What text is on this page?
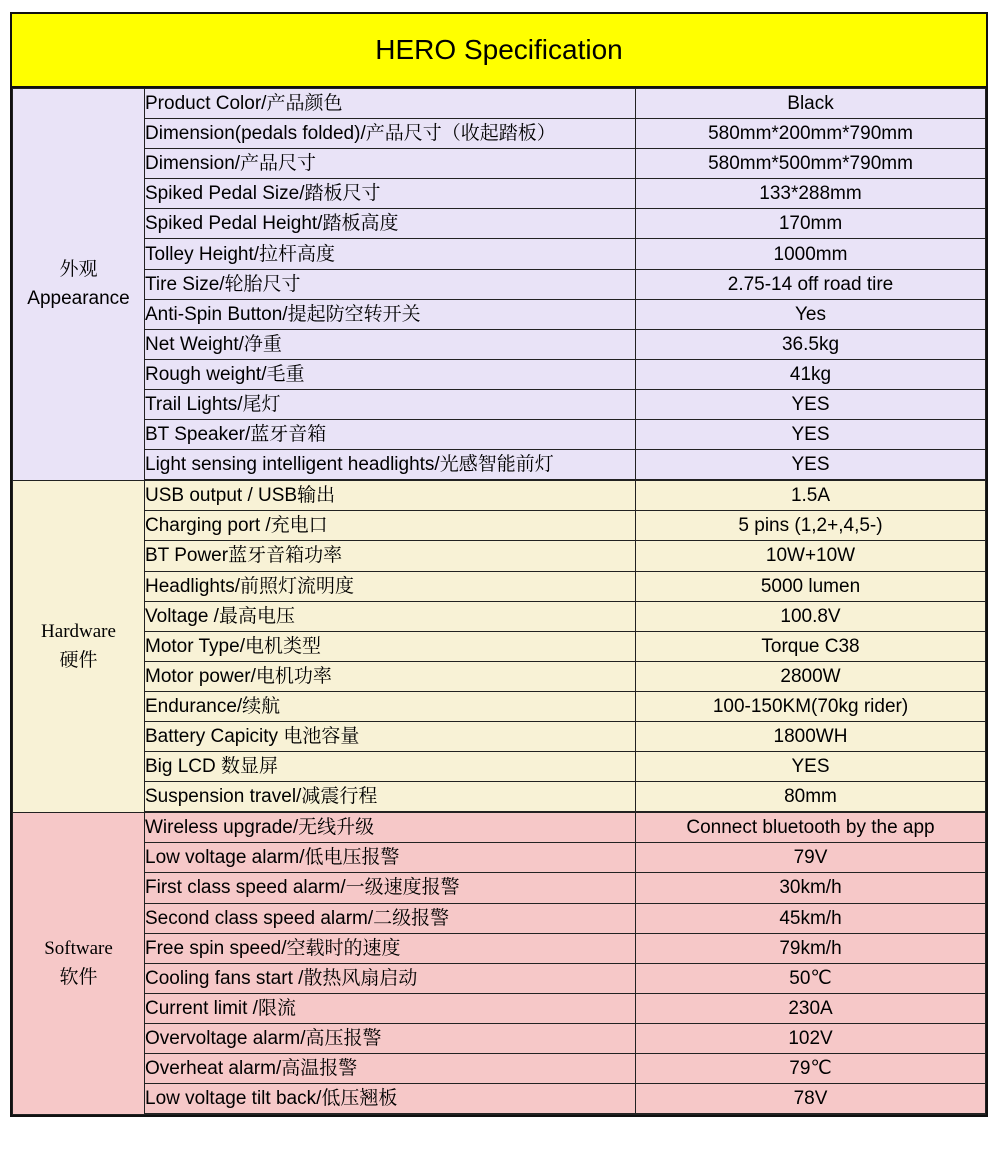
HERO Specification
外观
Appearance	Product Color/产品颜色	Black
	Dimension(pedals folded)/产品尺寸（收起踏板）	580mm*200mm*790mm
	Dimension/产品尺寸	580mm*500mm*790mm
	Spiked Pedal Size/踏板尺寸	133*288mm
	Spiked Pedal Height/踏板高度	170mm
	Tolley Height/拉杆高度	1000mm
	Tire Size/轮胎尺寸	2.75-14 off road tire
	Anti-Spin Button/提起防空转开关	Yes
	Net Weight/净重	36.5kg
	Rough weight/毛重	41kg
	Trail Lights/尾灯	YES
	BT Speaker/蓝牙音箱	YES
	Light sensing intelligent headlights/光感智能前灯	YES

Hardware
硬件	USB output / USB输出	1.5A
	Charging port /充电口	5 pins (1,2+,4,5-)
	BT Power蓝牙音箱功率	10W+10W
	Headlights/前照灯流明度	5000 lumen
	Voltage /最高电压	100.8V
	Motor Type/电机类型	Torque C38
	Motor power/电机功率	2800W
	Endurance/续航	100-150KM(70kg rider)
	Battery Capicity 电池容量	1800WH
	Big LCD 数显屏	YES
	Suspension travel/减震行程	80mm

Software
软件	Wireless upgrade/无线升级	Connect bluetooth by the app
	Low voltage alarm/低电压报警	79V
	First class speed alarm/一级速度报警	30km/h
	Second class speed alarm/二级报警	45km/h
	Free spin speed/空载时的速度	79km/h
	Cooling fans start /散热风扇启动	50℃
	Current limit /限流	230A
	Overvoltage alarm/高压报警	102V
	Overheat alarm/高温报警	79℃
	Low voltage tilt back/低压翘板	78V
